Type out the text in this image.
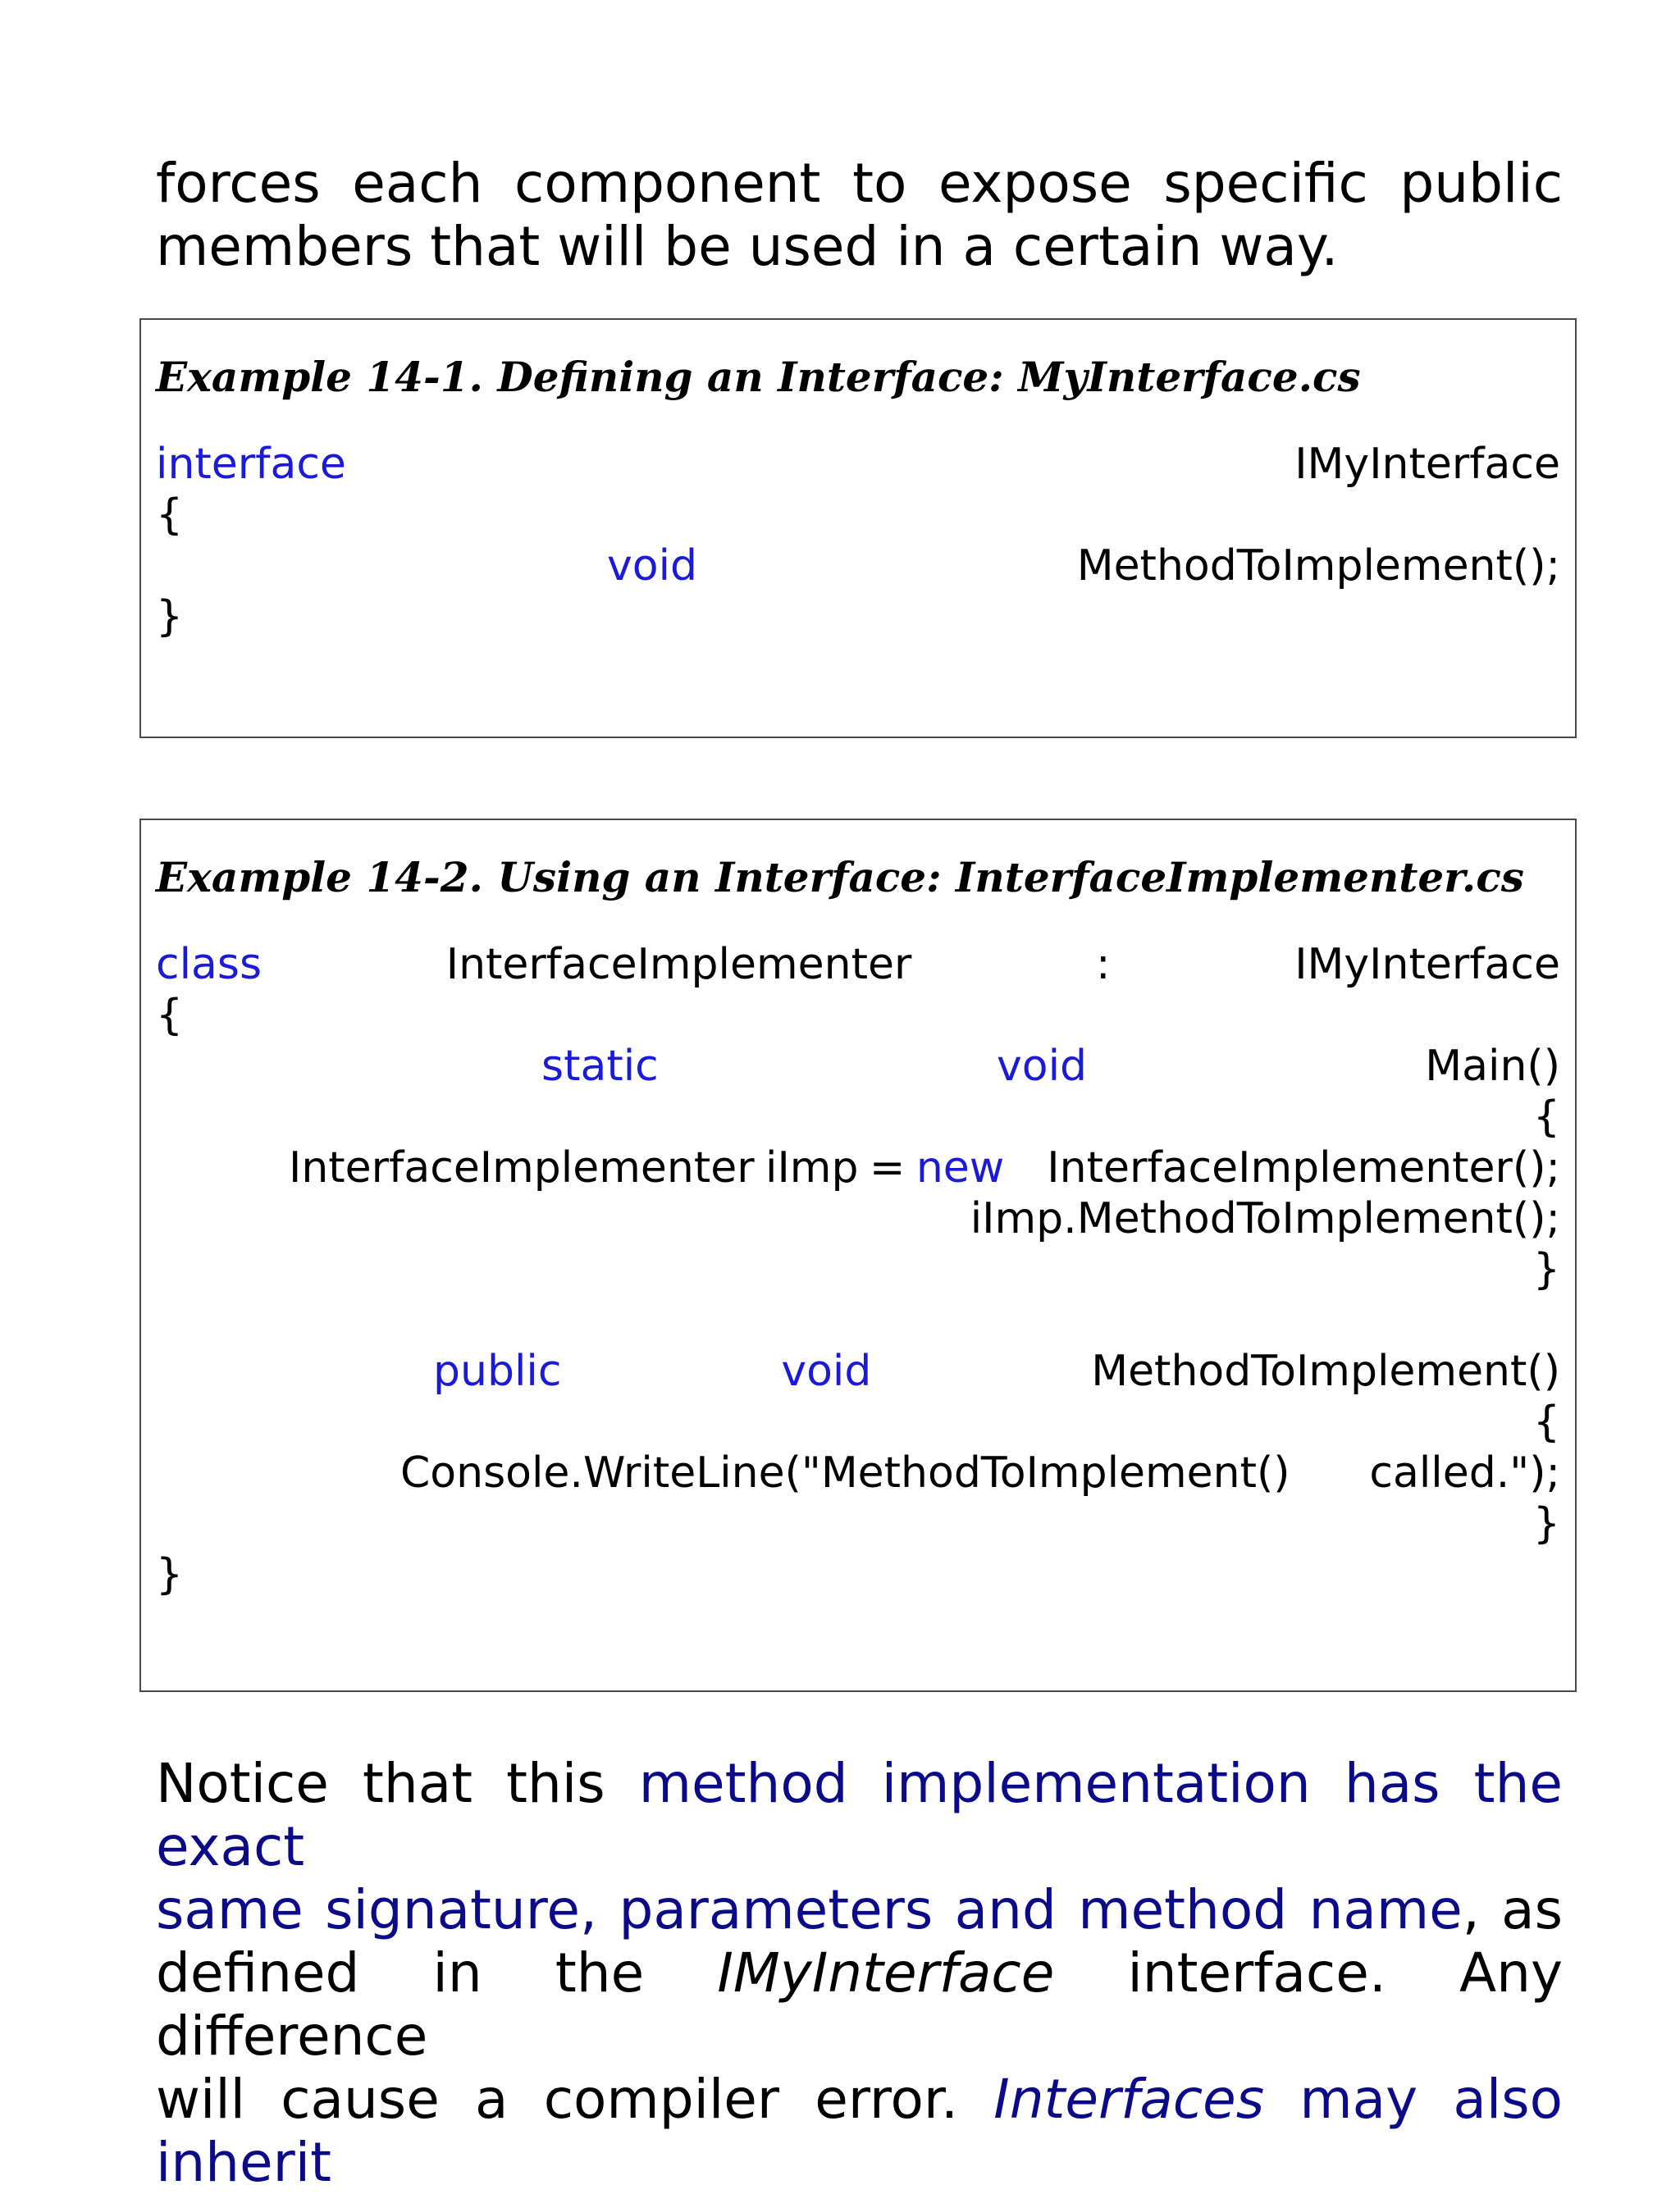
forces each component to expose specific public
members that will be used in a certain way.
Example 14-1. Defining an Interface: MyInterface.cs
interface	IMyInterface
{
void	MethodToImplement();
}
Example 14-2. Using an Interface: InterfaceImplementer.cs
class	InterfaceImplementer	:	IMyInterface
{
static	void	Main()
{
InterfaceImplementer iImp = new InterfaceImplementer();
iImp.MethodToImplement();
}
public	void	MethodToImplement()
{
Console.WriteLine("MethodToImplement() called.");
}
}
Notice that this method implementation has the exact
same signature, parameters and method name, as
defined in the IMyInterface interface. Any difference
will cause a compiler error. Interfaces may also inherit
